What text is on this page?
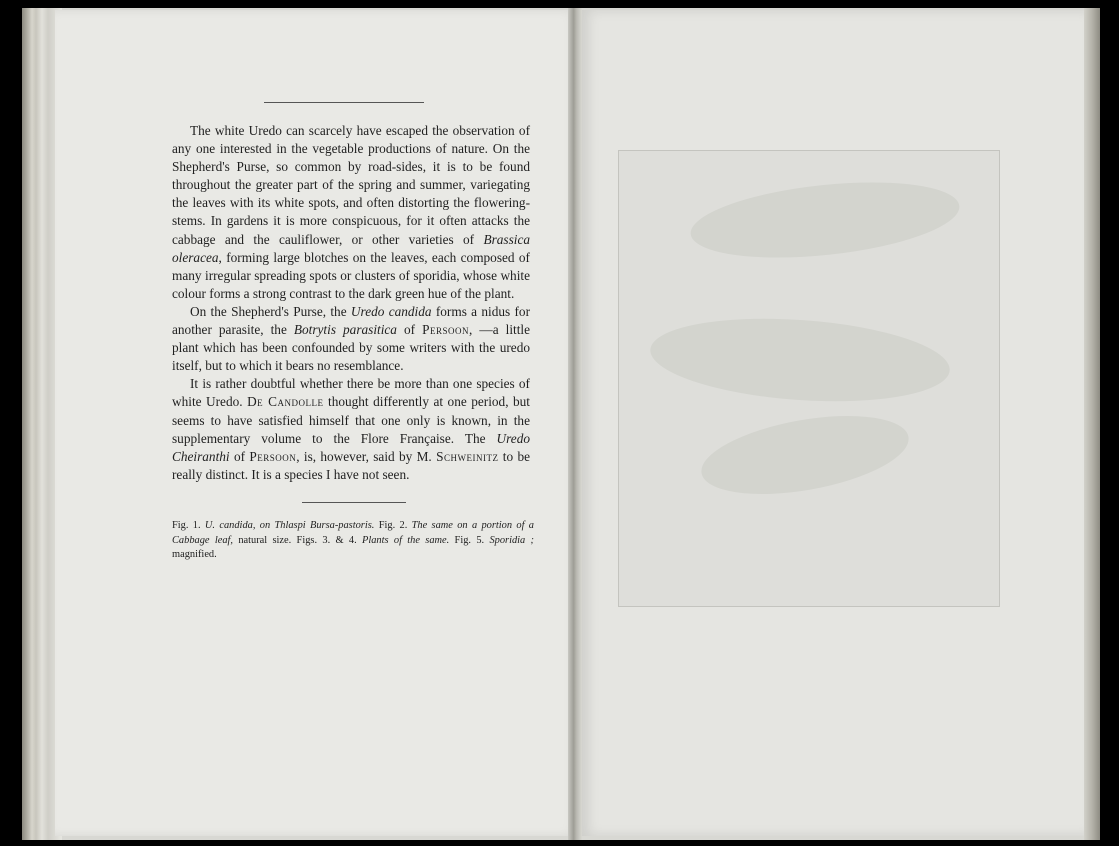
The white Uredo can scarcely have escaped the observation of any one interested in the vegetable productions of nature. On the Shepherd's Purse, so common by road-sides, it is to be found throughout the greater part of the spring and summer, variegating the leaves with its white spots, and often distorting the flowering-stems. In gardens it is more conspicuous, for it often attacks the cabbage and the cauliflower, or other varieties of Brassica oleracea, forming large blotches on the leaves, each composed of many irregular spreading spots or clusters of sporidia, whose white colour forms a strong contrast to the dark green hue of the plant.

On the Shepherd's Purse, the Uredo candida forms a nidus for another parasite, the Botrytis parasitica of Persoon, —a little plant which has been confounded by some writers with the uredo itself, but to which it bears no resemblance.

It is rather doubtful whether there be more than one species of white Uredo. De Candolle thought differently at one period, but seems to have satisfied himself that one only is known, in the supplementary volume to the Flore Française. The Uredo Cheiranthi of Persoon, is, however, said by M. Schweinitz to be really distinct. It is a species I have not seen.

Fig. 1. U. candida, on Thlaspi Bursa-pastoris. Fig. 2. The same on a portion of a Cabbage leaf, natural size. Figs. 3. & 4. Plants of the same. Fig. 5. Sporidia ; magnified.
